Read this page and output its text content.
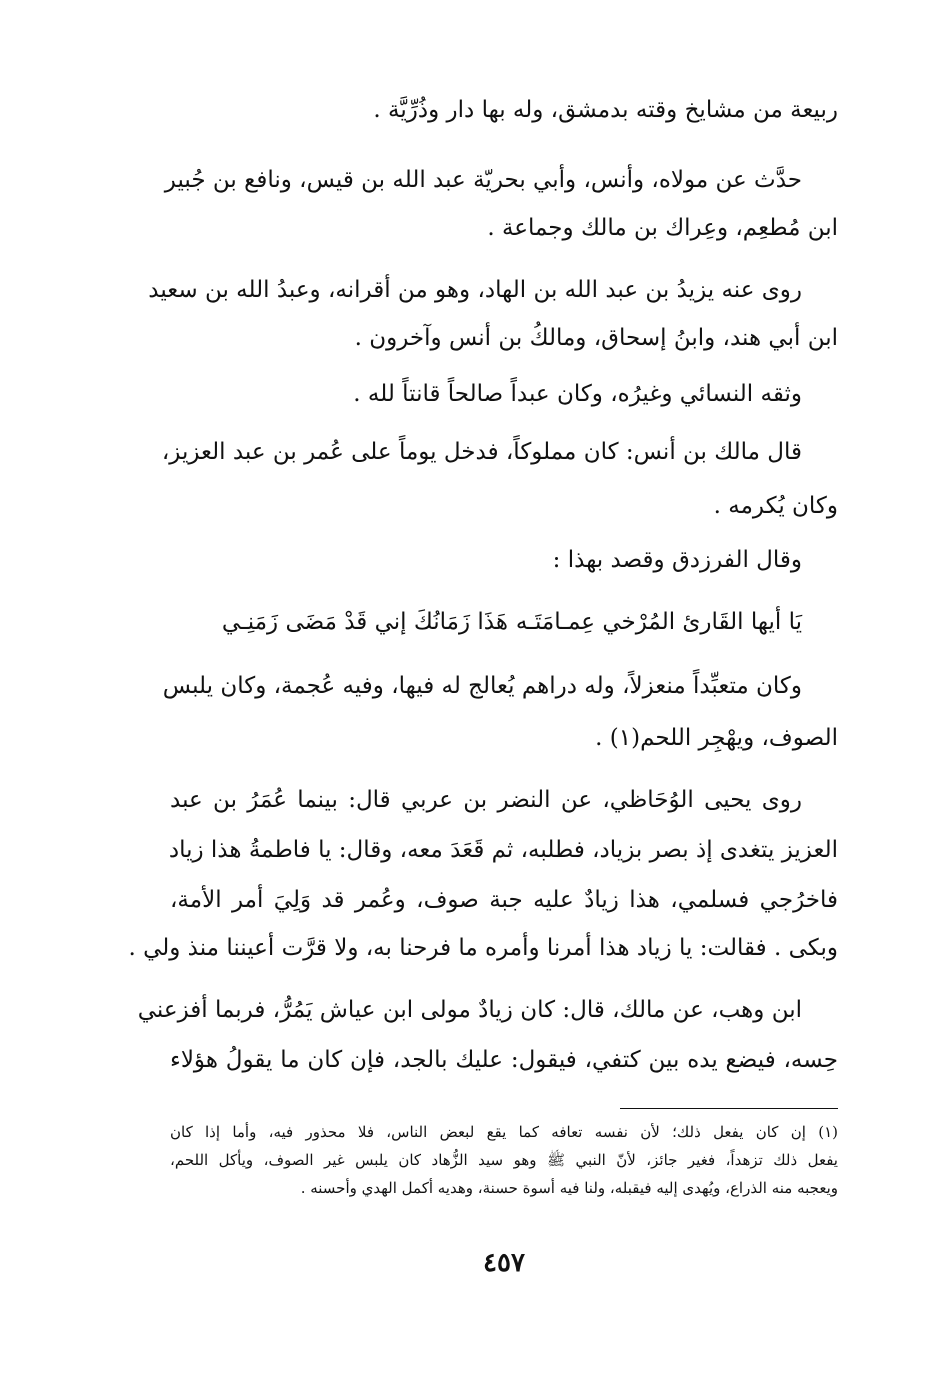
ربيعة من مشايخ وقته بدمشق، وله بها دار وذُرِّيَّة .
حدَّث عن مولاه، وأنس، وأبي بحريّة عبد الله بن قيس، ونافع بن جُبير
ابن مُطعِم، وعِراك بن مالك وجماعة .
روى عنه يزيدُ بن عبد الله بن الهاد، وهو من أقرانه، وعبدُ الله بن سعيد
ابن أبي هند، وابنُ إسحاق، ومالكُ بن أنس وآخرون .
وثقه النسائي وغيرُه، وكان عبداً صالحاً قانتاً لله .
قال مالك بن أنس: كان مملوكاً، فدخل يوماً على عُمر بن عبد العزيز،
وكان يُكرمه .
وقال الفرزدق وقصد بهذا :
يَا أيها القَارئ المُرْخي عِمـامَتَـه
هَذَا زَمَانُكَ إني قَدْ مَضَى زَمَنِـي
وكان متعبِّداً منعزلاً، وله دراهم يُعالج له فيها، وفيه عُجمة، وكان يلبس
الصوف، ويهْجِر اللحم(١) .
روى يحيى الوُحَاظي، عن النضر بن عربي قال: بينما عُمَرُ بن عبد
العزيز يتغدى إذ بصر بزياد، فطلبه، ثم قَعَدَ معه، وقال: يا فاطمةُ هذا زياد
فاخرُجي فسلمي، هذا زيادٌ عليه جبة صوف، وعُمر قد وَلِيَ أمر الأمة،
وبكى . فقالت: يا زياد هذا أمرنا وأمره ما فرحنا به، ولا قرَّت أعيننا منذ ولي .
ابن وهب، عن مالك، قال: كان زيادٌ مولى ابن عياش يَمُرُّ، فربما أفزعني
حِسه، فيضع يده بين كتفي، فيقول: عليك بالجد، فإن كان ما يقولُ هؤلاء
(١) إن كان يفعل ذلك؛ لأن نفسه تعافه كما يقع لبعض الناس، فلا محذور فيه، وأما إذا كان
يفعل ذلك تزهداً، فغير جائز، لأنّ النبي ﷺ وهو سيد الزُّهاد كان يلبس غير الصوف، ويأكل اللحم،
ويعجبه منه الذراع، ويُهدى إليه فيقبله، ولنا فيه أسوة حسنة، وهديه أكمل الهدي وأحسنه .
٤٥٧
